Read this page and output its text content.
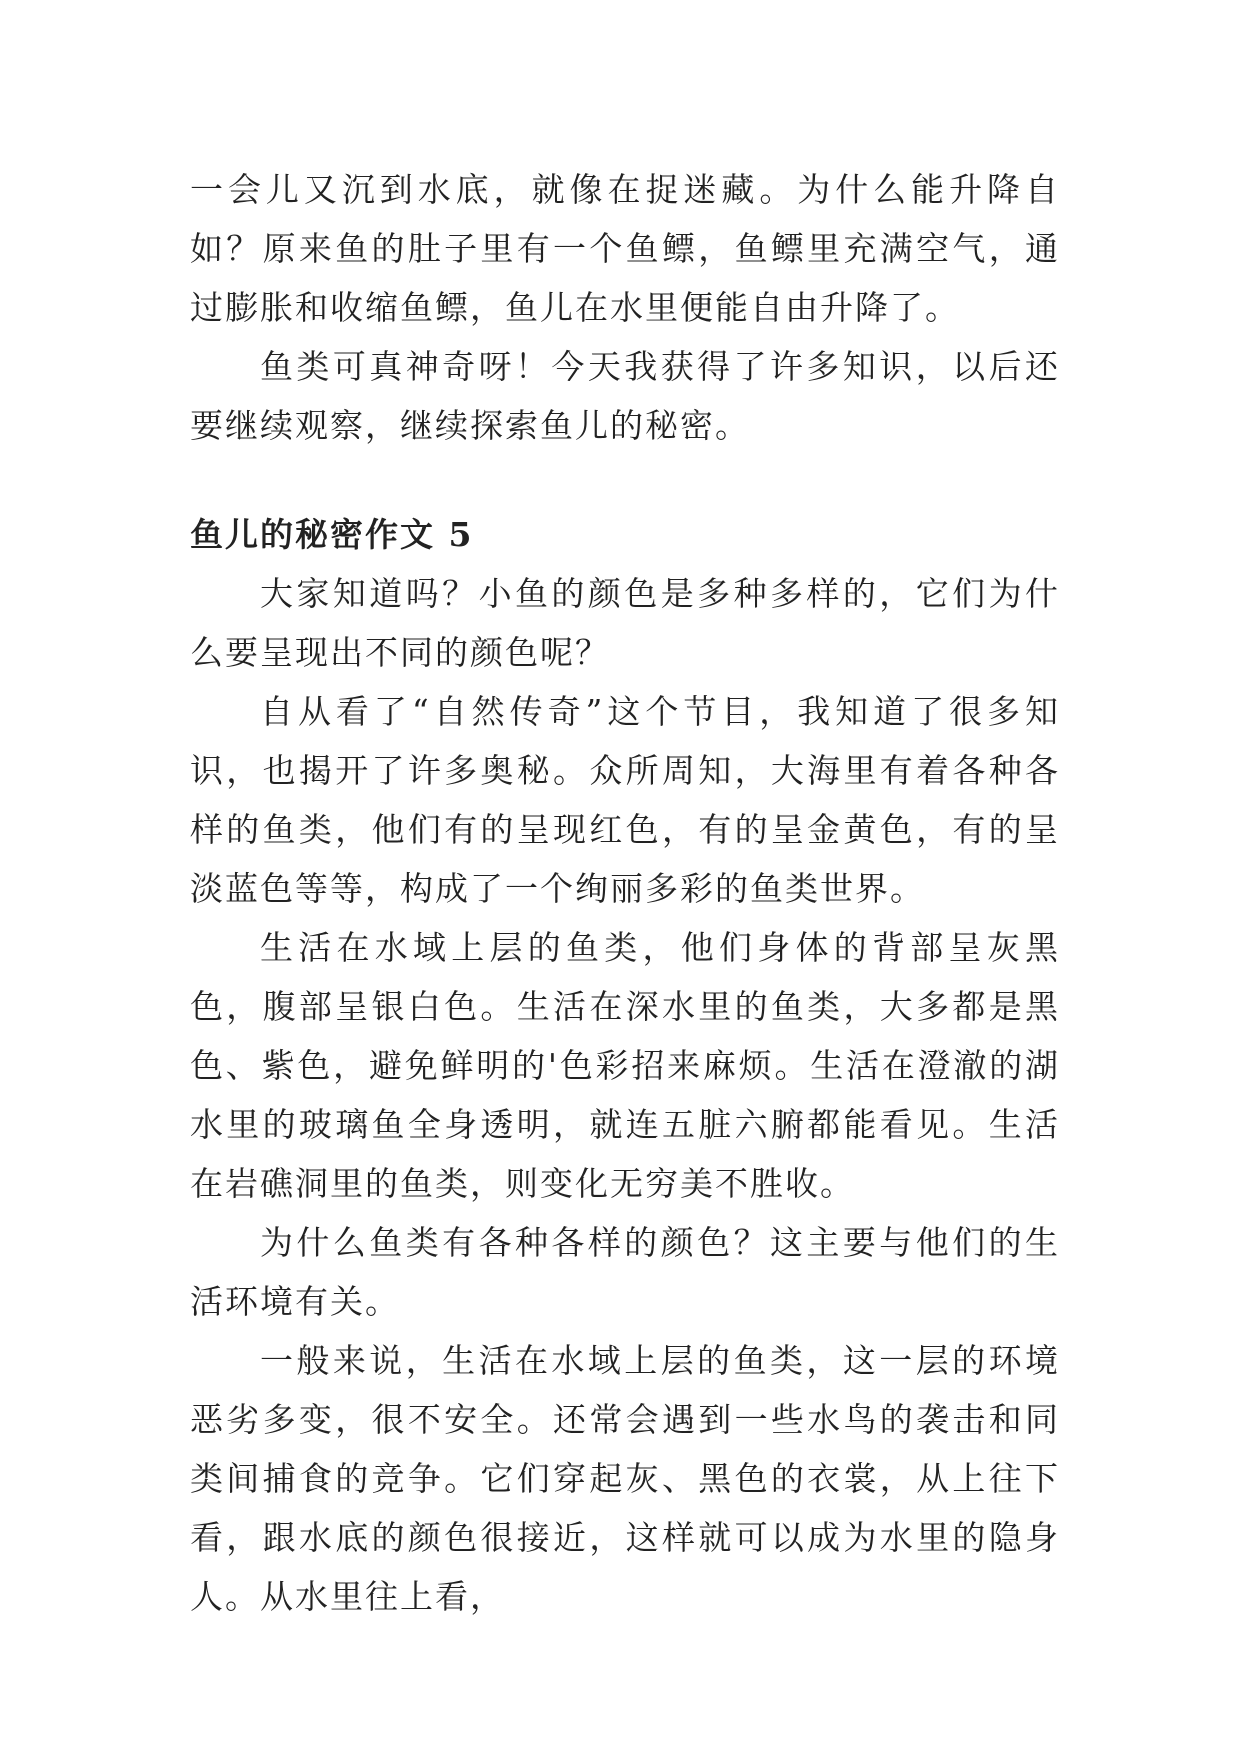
一会儿又沉到水底，就像在捉迷藏。为什么能升降自如？原来鱼的肚子里有一个鱼鳔，鱼鳔里充满空气，通过膨胀和收缩鱼鳔，鱼儿在水里便能自由升降了。

鱼类可真神奇呀！今天我获得了许多知识，以后还要继续观察，继续探索鱼儿的秘密。

鱼儿的秘密作文 5

大家知道吗？小鱼的颜色是多种多样的，它们为什么要呈现出不同的颜色呢？

自从看了“自然传奇”这个节目，我知道了很多知识，也揭开了许多奥秘。众所周知，大海里有着各种各样的鱼类，他们有的呈现红色，有的呈金黄色，有的呈淡蓝色等等，构成了一个绚丽多彩的鱼类世界。

生活在水域上层的鱼类，他们身体的背部呈灰黑色，腹部呈银白色。生活在深水里的鱼类，大多都是黑色、紫色，避免鲜明的'色彩招来麻烦。生活在澄澈的湖水里的玻璃鱼全身透明，就连五脏六腑都能看见。生活在岩礁洞里的鱼类，则变化无穷美不胜收。

为什么鱼类有各种各样的颜色？这主要与他们的生活环境有关。

一般来说，生活在水域上层的鱼类，这一层的环境恶劣多变，很不安全。还常会遇到一些水鸟的袭击和同类间捕食的竞争。它们穿起灰、黑色的衣裳，从上往下看，跟水底的颜色很接近，这样就可以成为水里的隐身人。从水里往上看，
